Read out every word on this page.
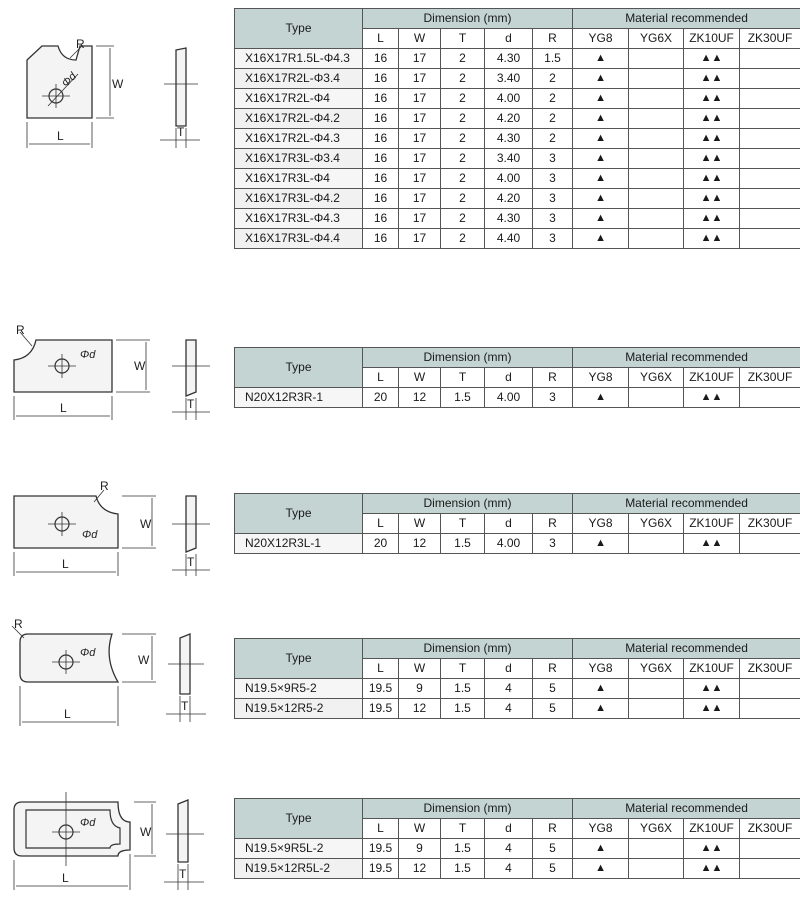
R
Φd	W
L	T
Type	Dimension (mm)					Material recommended			
	L	W	T	d	R	YG8	YG6X	ZK10UF	ZK30UF
X16X17R1.5L-Φ4.3	16	17	2	4.30	1.5	▲		▲▲	
X16X17R2L-Φ3.4	16	17	2	3.40	2	▲		▲▲	
X16X17R2L-Φ4	16	17	2	4.00	2	▲		▲▲	
X16X17R2L-Φ4.2	16	17	2	4.20	2	▲		▲▲	
X16X17R2L-Φ4.3	16	17	2	4.30	2	▲		▲▲	
X16X17R3L-Φ3.4	16	17	2	3.40	3	▲		▲▲	
X16X17R3L-Φ4	16	17	2	4.00	3	▲		▲▲	
X16X17R3L-Φ4.2	16	17	2	4.20	3	▲		▲▲	
X16X17R3L-Φ4.3	16	17	2	4.30	3	▲		▲▲	
X16X17R3L-Φ4.4	16	17	2	4.40	3	▲		▲▲	
R
Φd
W
L	T
Type	Dimension (mm)					Material recommended			
	L	W	T	d	R	YG8	YG6X	ZK10UF	ZK30UF
N20X12R3R-1	20	12	1.5	4.00	3	▲		▲▲	
R
Φd
W
L	T
Type	Dimension (mm)					Material recommended			
	L	W	T	d	R	YG8	YG6X	ZK10UF	ZK30UF
N20X12R3L-1	20	12	1.5	4.00	3	▲		▲▲	
R
Φd	W
L
T
Type	Dimension (mm)					Material recommended			
	L	W	T	d	R	YG8	YG6X	ZK10UF	ZK30UF
N19.5×9R5-2	19.5	9	1.5	4	5	▲		▲▲	
N19.5×12R5-2	19.5	12	1.5	4	5	▲		▲▲	
Φd
W
L	T
Type	Dimension (mm)					Material recommended			
	L	W	T	d	R	YG8	YG6X	ZK10UF	ZK30UF
N19.5×9R5L-2	19.5	9	1.5	4	5	▲		▲▲	
N19.5×12R5L-2	19.5	12	1.5	4	5	▲		▲▲	
